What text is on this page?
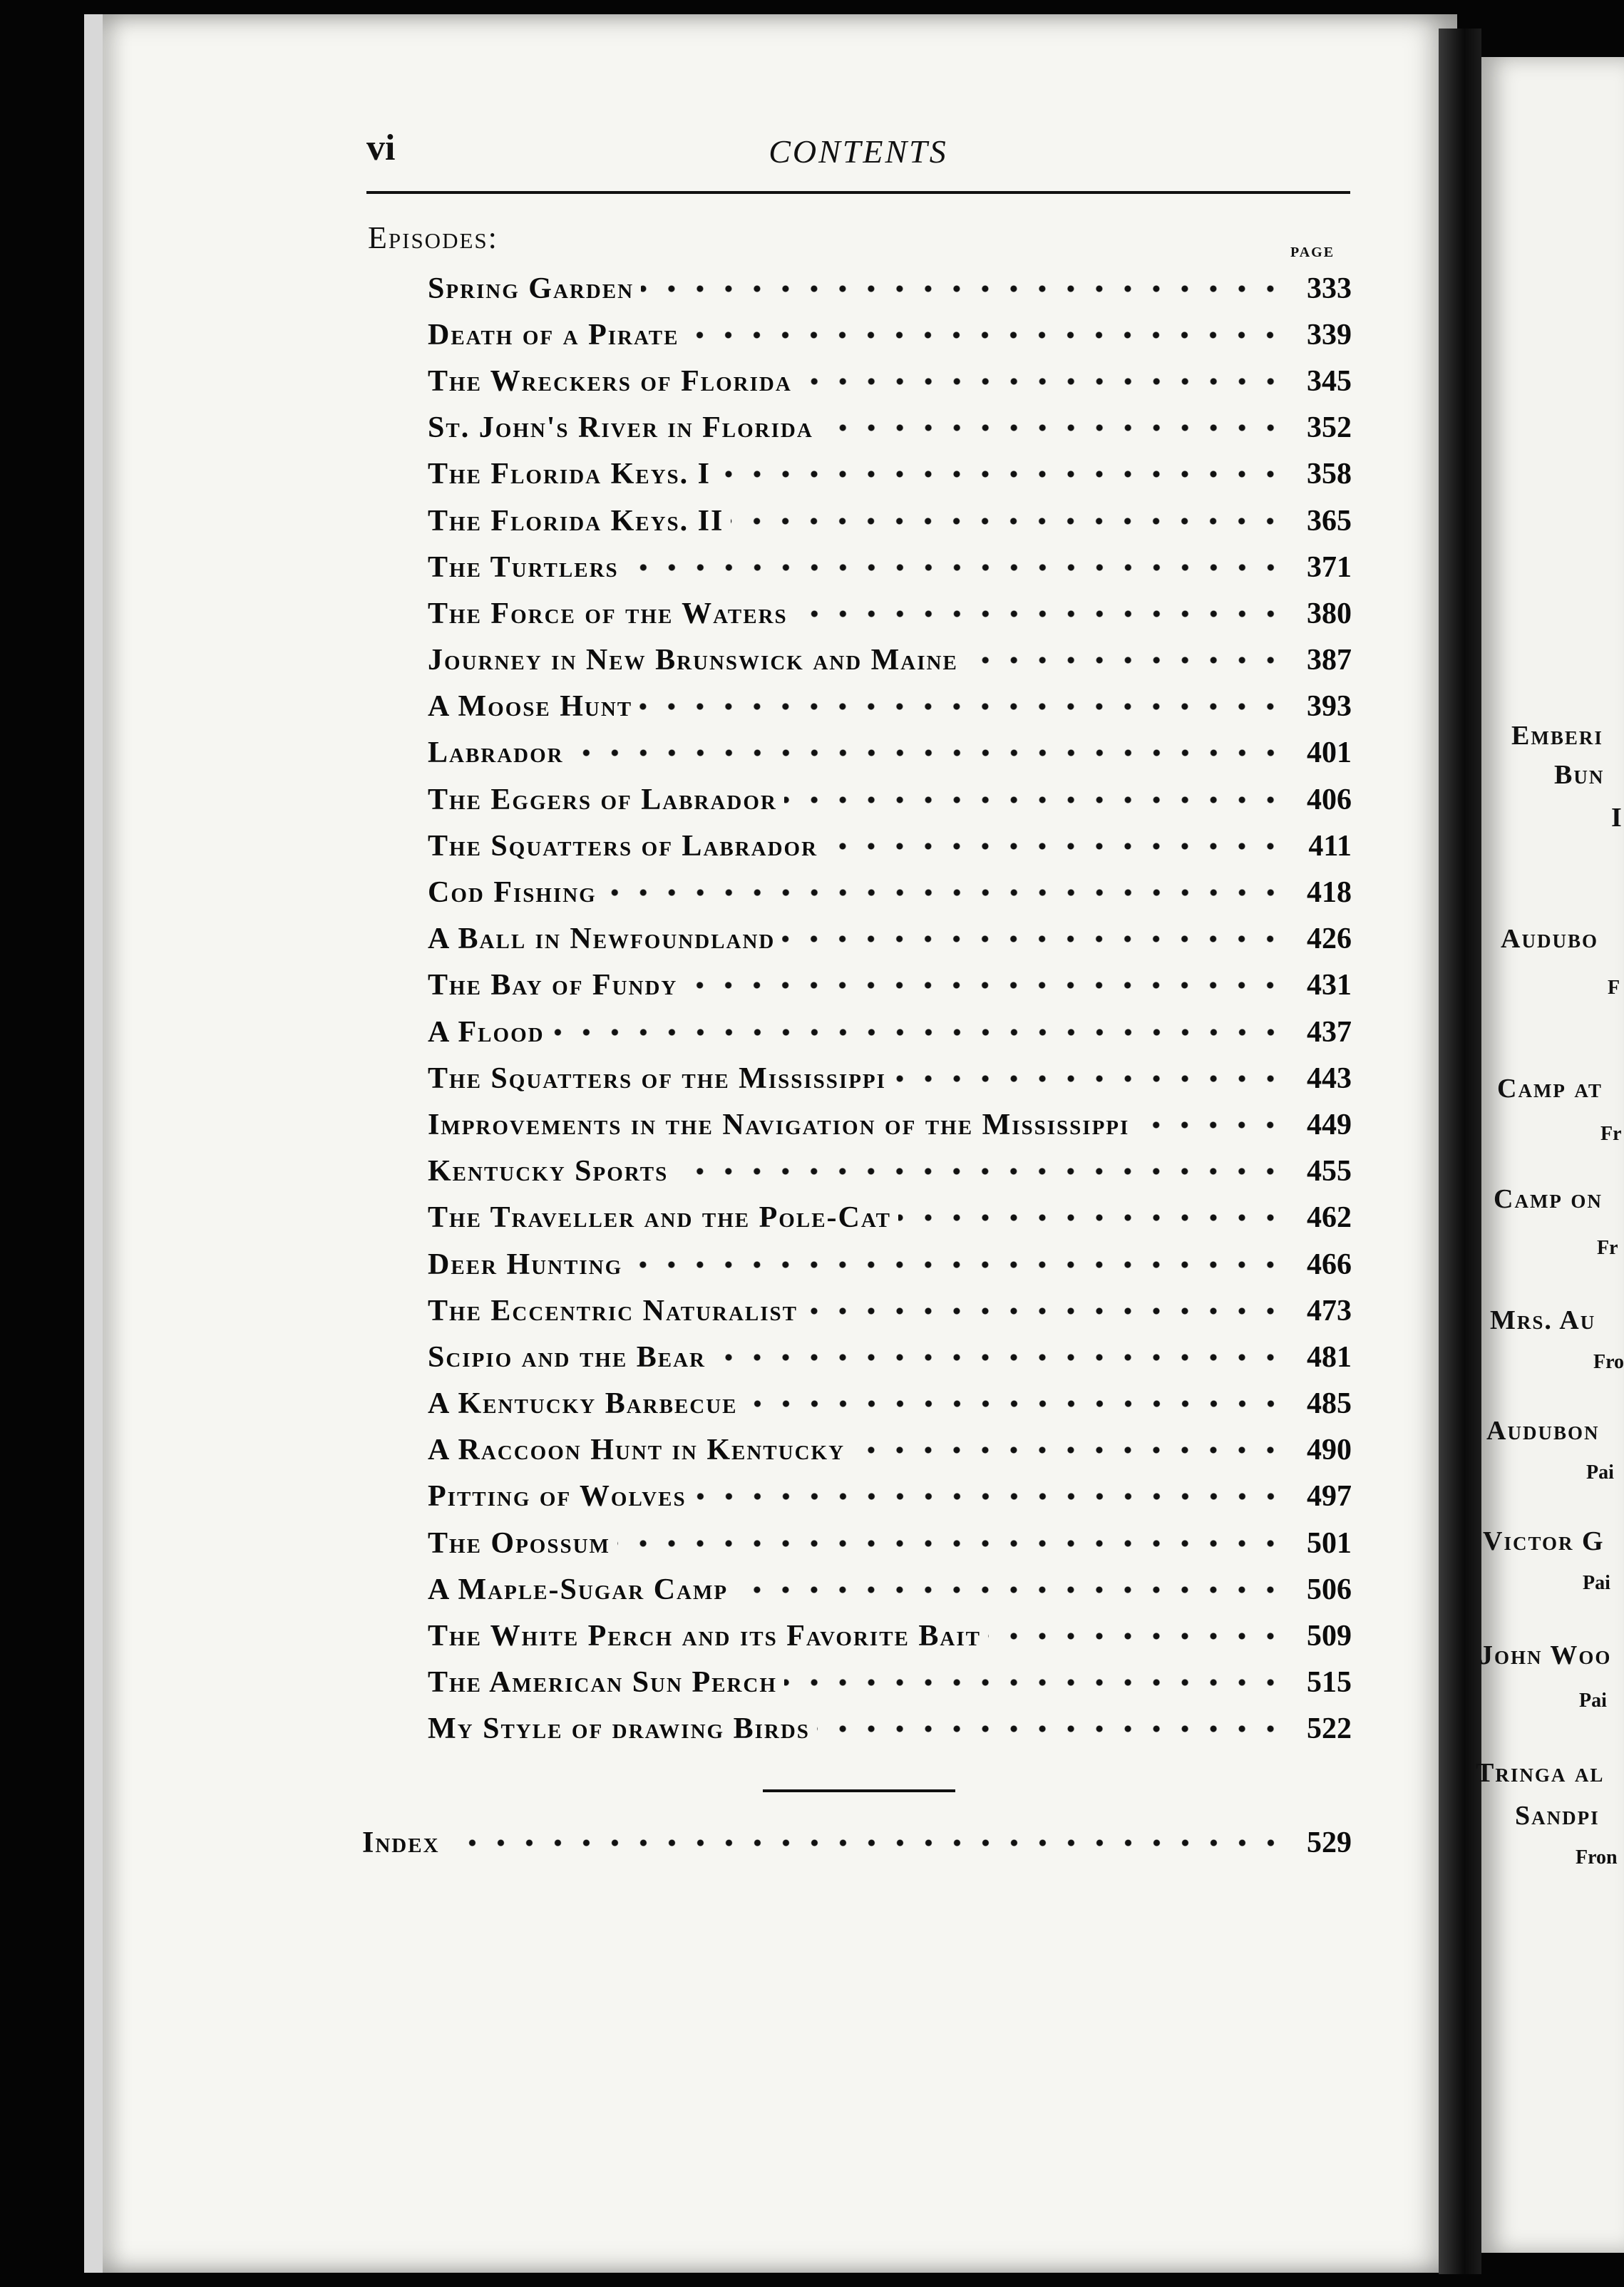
vi	CONTENTS
Episodes:	page
Spring Garden	333
Death of a Pirate	339
The Wreckers of Florida	345
St. John's River in Florida	352
The Florida Keys. I	358
The Florida Keys. II	365
The Turtlers	371
The Force of the Waters	380
Journey in New Brunswick and Maine	387
A Moose Hunt	393
Labrador	401
The Eggers of Labrador	406
The Squatters of Labrador	411
Cod Fishing	418
A Ball in Newfoundland	426
The Bay of Fundy	431
A Flood	437
The Squatters of the Mississippi	443
Improvements in the Navigation of the Mississippi	449
Kentucky Sports	455
The Traveller and the Pole-Cat	462
Deer Hunting	466
The Eccentric Naturalist	473
Scipio and the Bear	481
A Kentucky Barbecue	485
A Raccoon Hunt in Kentucky	490
Pitting of Wolves	497
The Opossum	501
A Maple-Sugar Camp	506
The White Perch and its Favorite Bait	509
The American Sun Perch	515
My Style of drawing Birds	522
Index	529
Emberi
Bun
I
Audubo
F
Camp at
Fr
Camp on
Fr
Mrs. Au
Fro
Audubon
Pai
Victor G
Pai
John Woo
Pai
Tringa al
Sandpi
Fron
